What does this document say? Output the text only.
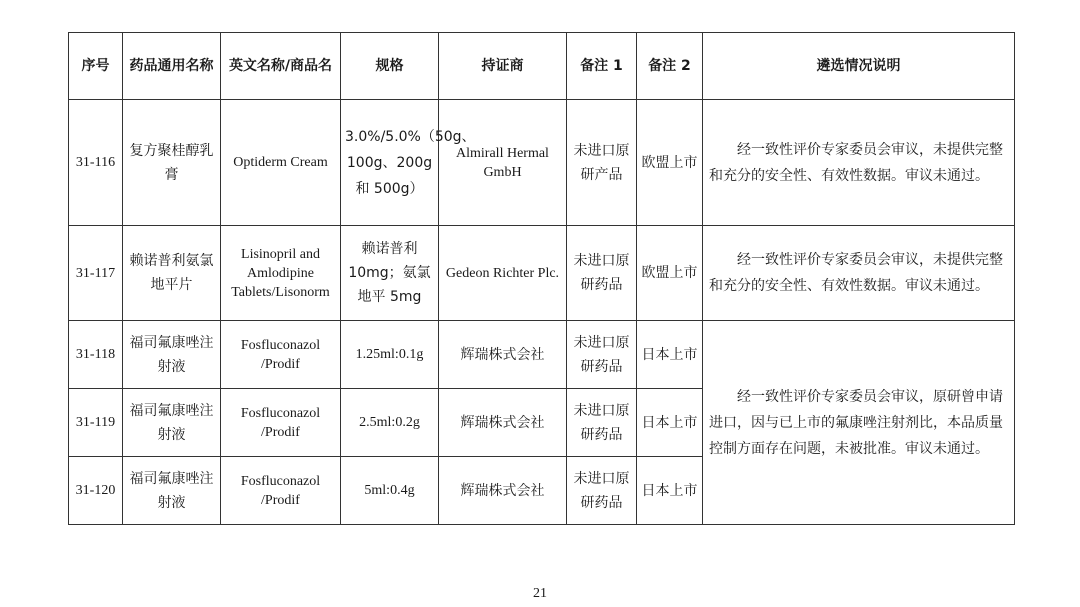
序号	药品通用名称	英文名称/商品名	规格	持证商	备注 1	备注 2	遴选情况说明
31-116	复方聚桂醇乳膏	Optiderm Cream	3.0%/5.0%（50g、100g、200g 和 500g）	Almirall Hermal GmbH	未进口原研产品	欧盟上市	经一致性评价专家委员会审议，未提供完整和充分的安全性、有效性数据。审议未通过。
31-117	赖诺普利氨氯地平片	Lisinopril and Amlodipine Tablets/Lisonorm	赖诺普利 10mg；氨氯地平 5mg	Gedeon Richter Plc.	未进口原研药品	欧盟上市	经一致性评价专家委员会审议，未提供完整和充分的安全性、有效性数据。审议未通过。
31-118	福司氟康唑注射液	Fosfluconazol /Prodif	1.25ml:0.1g	辉瑞株式会社	未进口原研药品	日本上市	经一致性评价专家委员会审议，原研曾申请进口，因与已上市的氟康唑注射剂比，本品质量控制方面存在问题，未被批准。审议未通过。
31-119	福司氟康唑注射液	Fosfluconazol /Prodif	2.5ml:0.2g	辉瑞株式会社	未进口原研药品	日本上市	
31-120	福司氟康唑注射液	Fosfluconazol /Prodif	5ml:0.4g	辉瑞株式会社	未进口原研药品	日本上市	
21
